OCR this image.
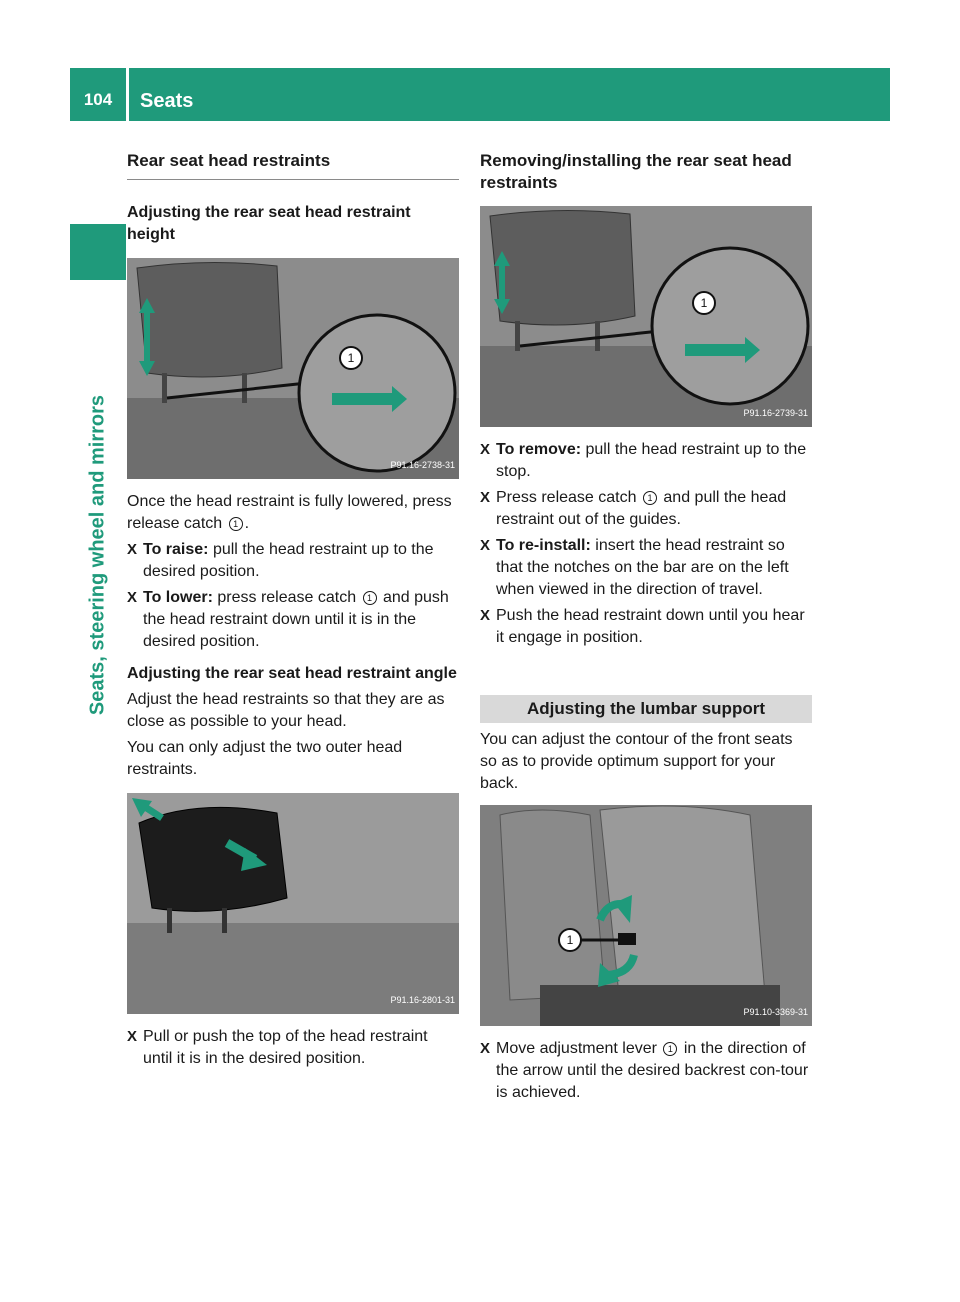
104	Seats
Seats, steering wheel and mirrors
Rear seat head restraints
Adjusting the rear seat head restraint height
1
P91.16-2738-31

Once the head restraint is fully lowered, press release catch 1 .

X To raise: pull the head restraint up to the desired position.
X To lower: press release catch 1 and push the head restraint down until it is in the desired position.
Adjusting the rear seat head restraint angle

Adjust the head restraints so that they are as close as possible to your head.

You can only adjust the two outer head restraints.

P91.16-2801-31
X Pull or push the top of the head restraint until it is in the desired position.
Removing/installing the rear seat head restraints
1
P91.16-2739-31
X To remove: pull the head restraint up to the stop.
X Press release catch 1 and pull the head restraint out of the guides.
X To re-install: insert the head restraint so that the notches on the bar are on the left when viewed in the direction of travel.
X Push the head restraint down until you hear it engage in position.
Adjusting the lumbar support

You can adjust the contour of the front seats so as to provide optimum support for your back.

1
P91.10-3369-31
X Move adjustment lever 1 in the direction of the arrow until the desired backrest con-tour is achieved.
